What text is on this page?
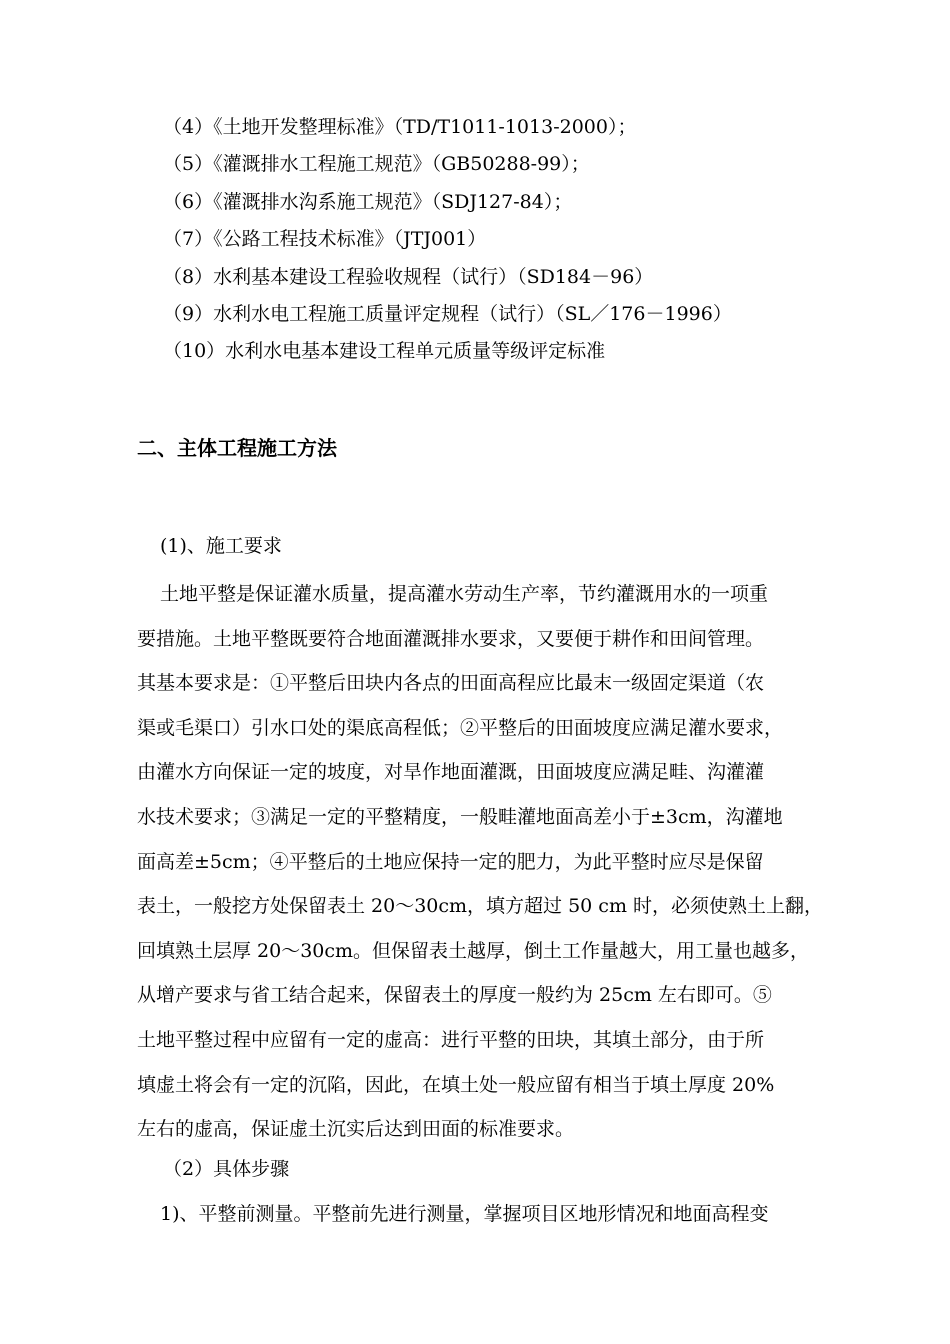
（4）《土地开发整理标准》（TD/T1011-1013-2000）；
（5）《灌溉排水工程施工规范》（GB50288-99）；
（6）《灌溉排水沟系施工规范》（SDJ127-84）；
（7）《公路工程技术标准》（JTJ001）
（8）水利基本建设工程验收规程（试行）（SD184－96）
（9）水利水电工程施工质量评定规程（试行）（SL／176－1996）
（10）水利水电基本建设工程单元质量等级评定标准
二、主体工程施工方法
(1)、施工要求
土地平整是保证灌水质量，提高灌水劳动生产率，节约灌溉用水的一项重
要措施。土地平整既要符合地面灌溉排水要求，又要便于耕作和田间管理。
其基本要求是：①平整后田块内各点的田面高程应比最末一级固定渠道（农
渠或毛渠口）引水口处的渠底高程低；②平整后的田面坡度应满足灌水要求，
由灌水方向保证一定的坡度，对旱作地面灌溉，田面坡度应满足畦、沟灌灌
水技术要求；③满足一定的平整精度，一般畦灌地面高差小于±3cm，沟灌地
面高差±5cm；④平整后的土地应保持一定的肥力，为此平整时应尽是保留
表土，一般挖方处保留表土 20～30cm，填方超过 50 cm 时，必须使熟土上翻，
回填熟土层厚 20～30cm。但保留表土越厚，倒土工作量越大，用工量也越多，
从增产要求与省工结合起来，保留表土的厚度一般约为 25cm 左右即可。⑤
土地平整过程中应留有一定的虚高：进行平整的田块，其填土部分，由于所
填虚土将会有一定的沉陷，因此，在填土处一般应留有相当于填土厚度 20%
左右的虚高，保证虚土沉实后达到田面的标准要求。
（2）具体步骤
1)、平整前测量。平整前先进行测量，掌握项目区地形情况和地面高程变
